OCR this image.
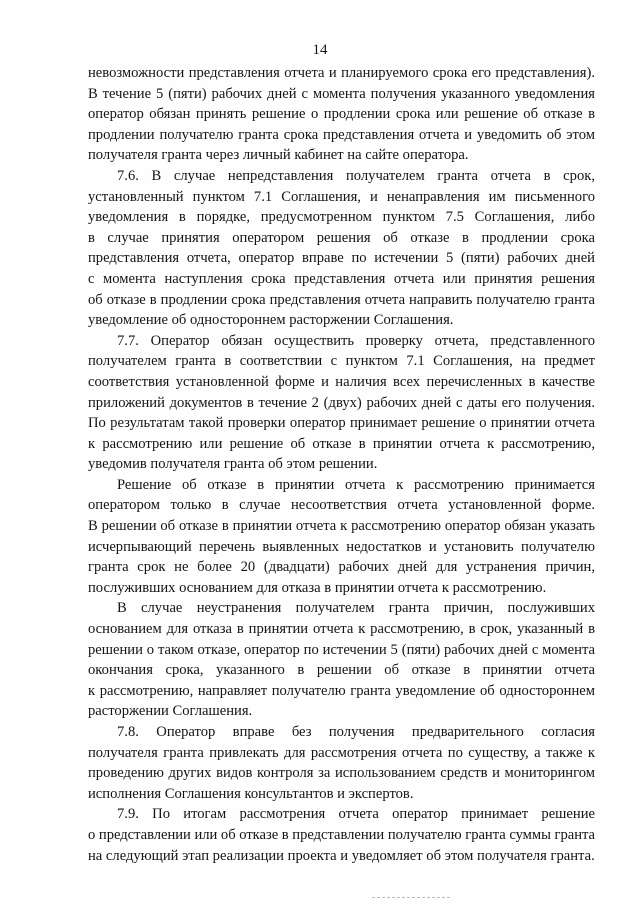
14
невозможности представления отчета и планируемого срока его представления).
В течение 5 (пяти) рабочих дней с момента получения указанного уведомления
оператор обязан принять решение о продлении срока или решение об отказе в
продлении получателю гранта срока представления отчета и уведомить об этом
получателя гранта через личный кабинет на сайте оператора.
7.6. В случае непредставления получателем гранта отчета в срок,
установленный пунктом 7.1 Соглашения, и ненаправления им письменного
уведомления в порядке, предусмотренном пунктом 7.5 Соглашения, либо
в случае принятия оператором решения об отказе в продлении срока
представления отчета, оператор вправе по истечении 5 (пяти) рабочих дней
с момента наступления срока представления отчета или принятия решения
об отказе в продлении срока представления отчета направить получателю гранта
уведомление об одностороннем расторжении Соглашения.
7.7. Оператор обязан осуществить проверку отчета, представленного
получателем гранта в соответствии с пунктом 7.1 Соглашения, на предмет
соответствия установленной форме и наличия всех перечисленных в качестве
приложений документов в течение 2 (двух) рабочих дней с даты его получения.
По результатам такой проверки оператор принимает решение о принятии отчета
к рассмотрению или решение об отказе в принятии отчета к рассмотрению,
уведомив получателя гранта об этом решении.
Решение об отказе в принятии отчета к рассмотрению принимается
оператором только в случае несоответствия отчета установленной форме.
В решении об отказе в принятии отчета к рассмотрению оператор обязан указать
исчерпывающий перечень выявленных недостатков и установить получателю
гранта срок не более 20 (двадцати) рабочих дней для устранения причин,
послуживших основанием для отказа в принятии отчета к рассмотрению.
В случае неустранения получателем гранта причин, послуживших
основанием для отказа в принятии отчета к рассмотрению, в срок, указанный в
решении о таком отказе, оператор по истечении 5 (пяти) рабочих дней с момента
окончания срока, указанного в решении об отказе в принятии отчета
к рассмотрению, направляет получателю гранта уведомление об одностороннем
расторжении Соглашения.
7.8. Оператор вправе без получения предварительного согласия
получателя гранта привлекать для рассмотрения отчета по существу, а также к
проведению других видов контроля за использованием средств и мониторингом
исполнения Соглашения консультантов и экспертов.
7.9. По итогам рассмотрения отчета оператор принимает решение
о представлении или об отказе в представлении получателю гранта суммы гранта
на следующий этап реализации проекта и уведомляет об этом получателя гранта.
